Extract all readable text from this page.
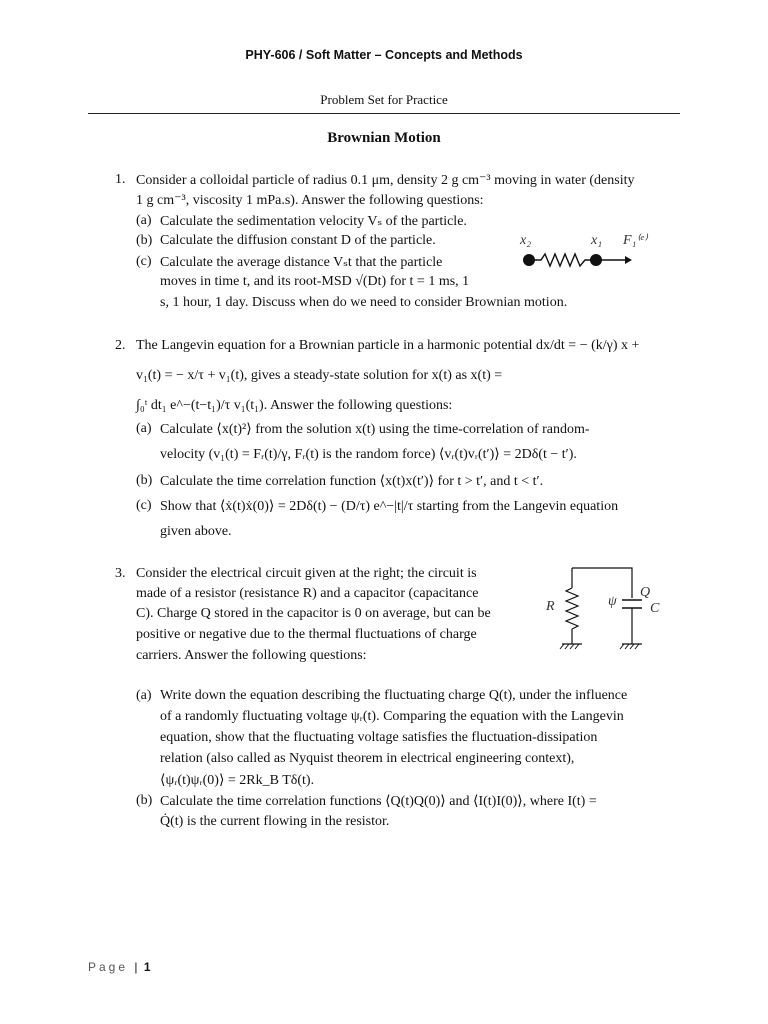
PHY-606 / Soft Matter – Concepts and Methods
Problem Set for Practice
Brownian Motion
1. Consider a colloidal particle of radius 0.1 μm, density 2 g cm⁻³ moving in water (density
1 g cm⁻³, viscosity 1 mPa.s). Answer the following questions:
(a) Calculate the sedimentation velocity Vₛ of the particle.
(b) Calculate the diffusion constant D of the particle.
(c) Calculate the average distance Vₛt that the particle
moves in time t, and its root-MSD √(Dt) for t = 1 ms, 1
s, 1 hour, 1 day. Discuss when do we need to consider Brownian motion.
x₂	x₁ F₁⁽ᵉ⁾
2. The Langevin equation for a Brownian particle in a harmonic potential dx/dt = − (k/γ) x +
v₁(t) = − x/τ + v₁(t), gives a steady-state solution for x(t) as x(t) =
∫₀ᵗ dt₁ e^−(t−t₁)/τ v₁(t₁). Answer the following questions:
(a) Calculate ⟨x(t)²⟩ from the solution x(t) using the time-correlation of random-
velocity (v₁(t) = Fᵣ(t)/γ, Fᵣ(t) is the random force) ⟨vᵣ(t)vᵣ(t′)⟩ = 2Dδ(t − t′).
(b) Calculate the time correlation function ⟨x(t)x(t′)⟩ for t > t′, and t < t′.
(c) Show that ⟨ẋ(t)ẋ(0)⟩ = 2Dδ(t) − (D/τ) e^−|t|/τ starting from the Langevin equation
given above.
3. Consider the electrical circuit given at the right; the circuit is
made of a resistor (resistance R) and a capacitor (capacitance
C). Charge Q stored in the capacitor is 0 on average, but can be
positive or negative due to the thermal fluctuations of charge
carriers. Answer the following questions:
R	ψ
Q
C
(a) Write down the equation describing the fluctuating charge Q(t), under the influence
of a randomly fluctuating voltage ψᵣ(t). Comparing the equation with the Langevin
equation, show that the fluctuating voltage satisfies the fluctuation-dissipation
relation (also called as Nyquist theorem in electrical engineering context),
⟨ψᵣ(t)ψᵣ(0)⟩ = 2Rk_B Tδ(t).
(b) Calculate the time correlation functions ⟨Q(t)Q(0)⟩ and ⟨I(t)I(0)⟩, where I(t) =
Q̇(t) is the current flowing in the resistor.
Page | 1
